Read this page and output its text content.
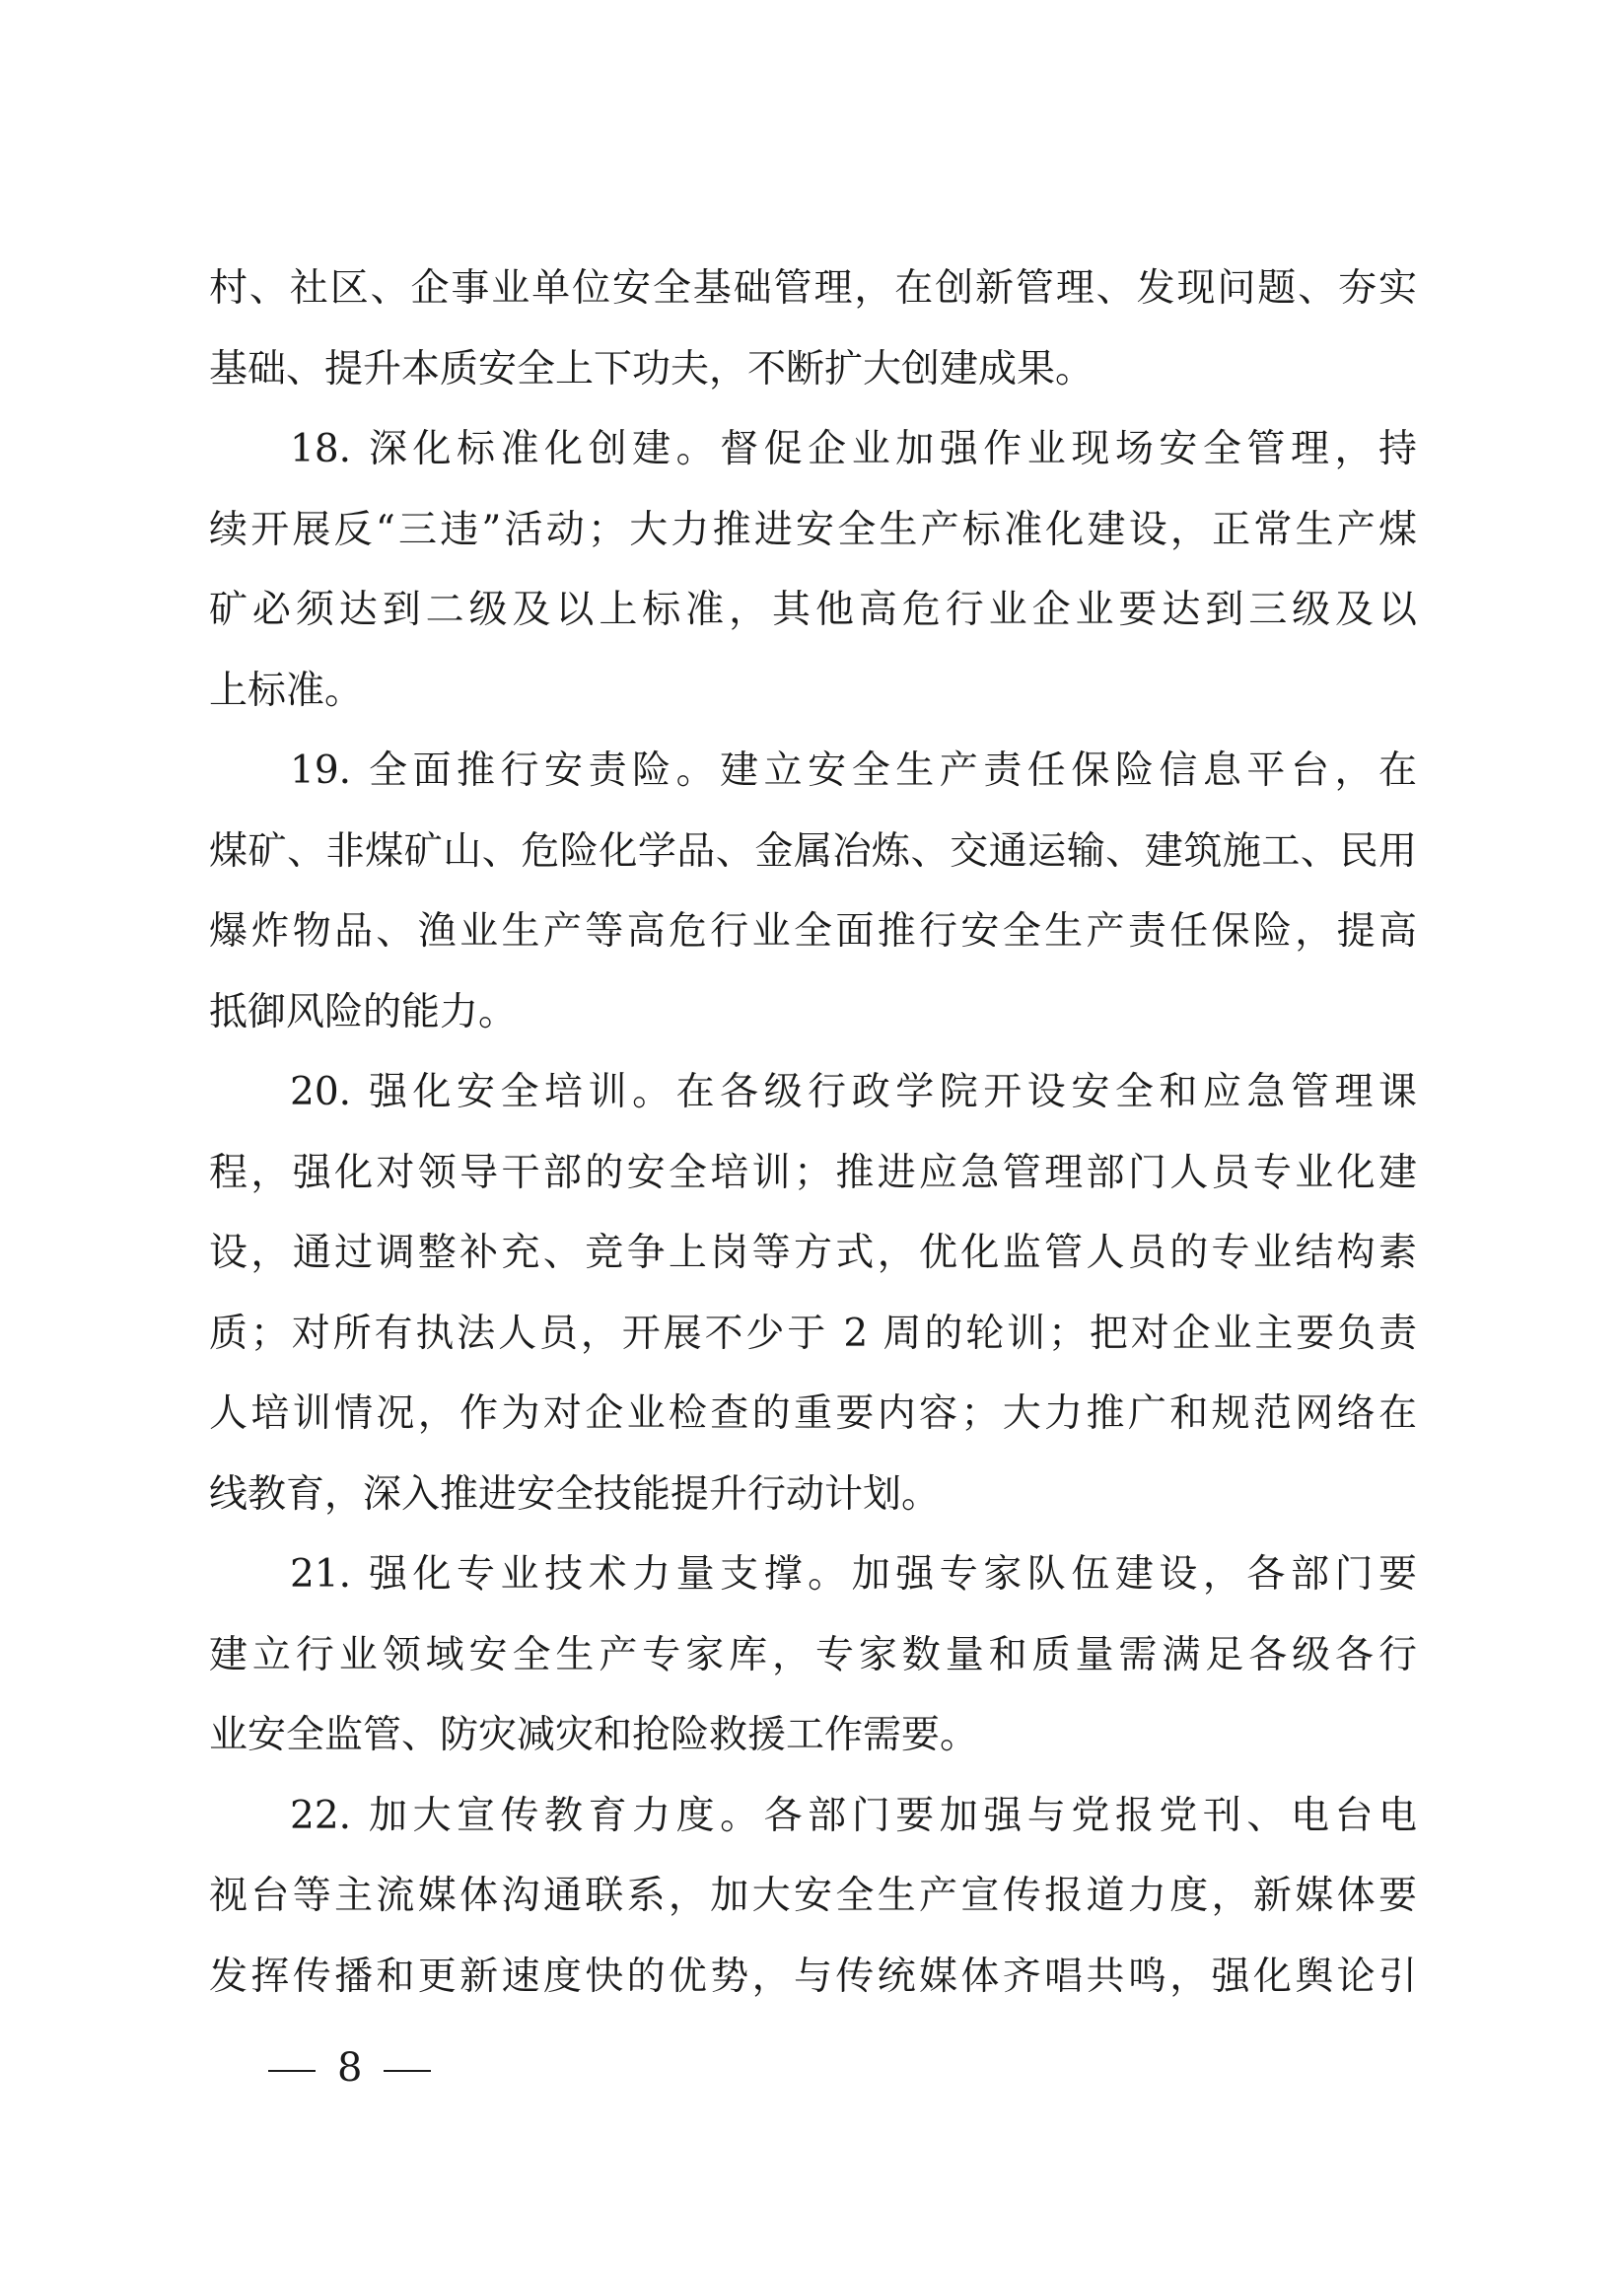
村、社区、企事业单位安全基础管理，在创新管理、发现问题、夯实
基础、提升本质安全上下功夫，不断扩大创建成果。
18. 深化标准化创建。督促企业加强作业现场安全管理，持
续开展反“三违”活动；大力推进安全生产标准化建设，正常生产煤
矿必须达到二级及以上标准，其他高危行业企业要达到三级及以
上标准。
19. 全面推行安责险。建立安全生产责任保险信息平台，在
煤矿、非煤矿山、危险化学品、金属冶炼、交通运输、建筑施工、民用
爆炸物品、渔业生产等高危行业全面推行安全生产责任保险，提高
抵御风险的能力。
20. 强化安全培训。在各级行政学院开设安全和应急管理课
程，强化对领导干部的安全培训；推进应急管理部门人员专业化建
设，通过调整补充、竞争上岗等方式，优化监管人员的专业结构素
质；对所有执法人员，开展不少于 2 周的轮训；把对企业主要负责
人培训情况，作为对企业检查的重要内容；大力推广和规范网络在
线教育，深入推进安全技能提升行动计划。
21. 强化专业技术力量支撑。加强专家队伍建设，各部门要
建立行业领域安全生产专家库，专家数量和质量需满足各级各行
业安全监管、防灾减灾和抢险救援工作需要。
22. 加大宣传教育力度。各部门要加强与党报党刊、电台电
视台等主流媒体沟通联系，加大安全生产宣传报道力度，新媒体要
发挥传播和更新速度快的优势，与传统媒体齐唱共鸣，强化舆论引
8
